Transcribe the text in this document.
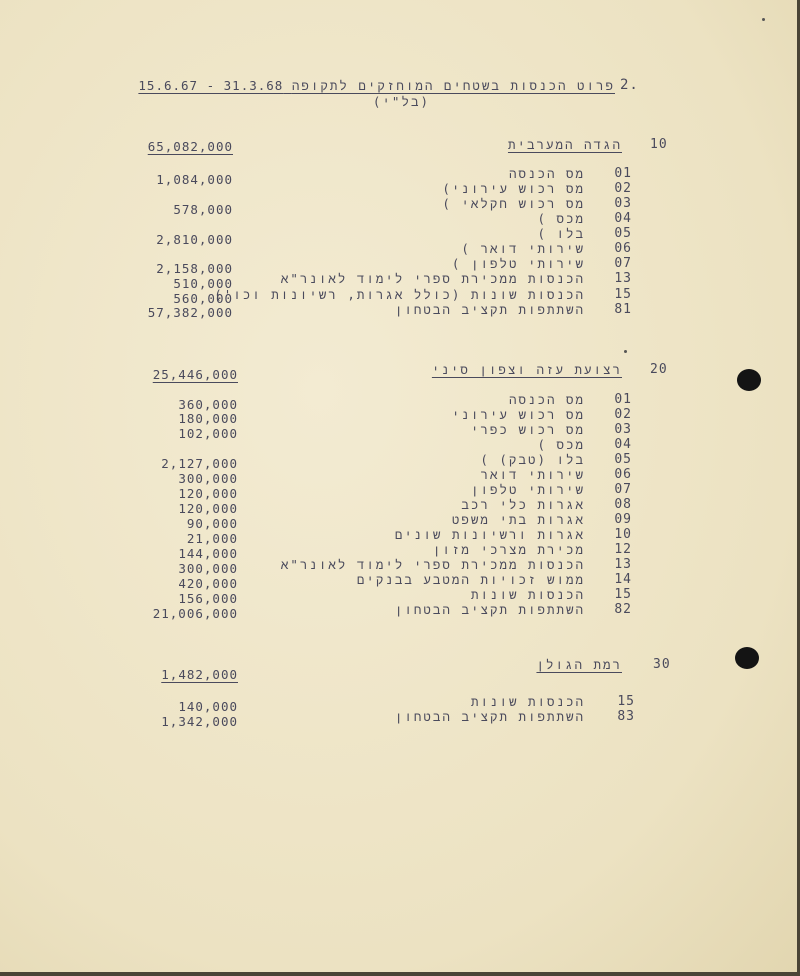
2.
15.6.67 - 31.3.68 פרוט הכנסות בשטחים המוחזקים לתקופה
(בל"י)
10
הגדה המערבית
65,082,000
01
מס הכנסה
1,084,000
02
מס רכוש עירוני)
03
מס רכוש חקלאי )
578,000
04
מכס )
05
בלו )
2,810,000
06
שירותי דואר )
07
שירותי טלפון )
2,158,000
13
הכנסות ממכירת ספרי לימוד לאונר"א
510,000
15
הכנסות שונות (כולל אגרות, רשיונות וכו')
560,000
81
השתתפות תקציב הבטחון
57,382,000
20
רצועת עזה וצפון סיני
25,446,000
01
מס הכנסה
360,000
02
מס רכוש עירוני
180,000
03
מס רכוש כפרי
102,000
04
מכס )
05
בלו (טבק) )
2,127,000
06
שירותי דואר
300,000
07
שירותי טלפון
120,000
08
אגרות כלי רכב
120,000
09
אגרות בתי משפט
90,000
10
אגרות ורשיונות שונים
21,000
12
מכירת מצרכי מזון
144,000
13
הכנסות ממכירת ספרי לימוד לאונר"א
300,000
14
ממוש זכויות המטבע בבנקים
420,000
15
הכנסות שונות
156,000
82
השתתפות תקציב הבטחון
21,006,000
30
רמת הגולן
1,482,000
15
הכנסות שונות
140,000
83
השתתפות תקציב הבטחון
1,342,000
